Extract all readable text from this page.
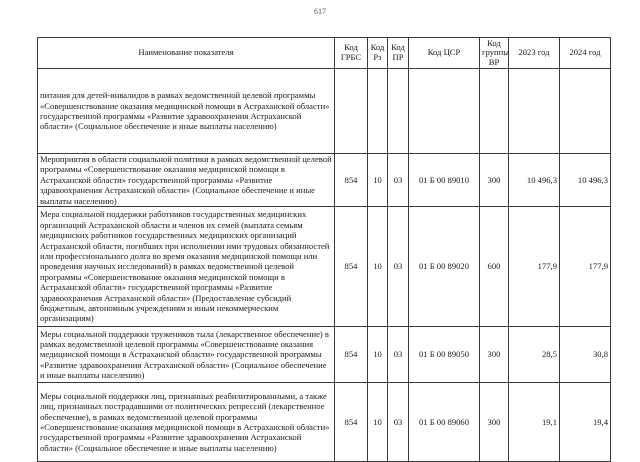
617
Наименование показателя	Код ГРБС	Код Рз	Код ПР	Код ЦСР	Код группы ВР	2023 год	2024 год
питания для детей-инвалидов в рамках ведомственной целевой программы «Совершенствование оказания медицинской помощи в Астраханской области» государственной программы «Развитие здравоохранения Астраханской области» (Социальное обеспечение и иные выплаты населению)							
Мероприятия в области социальной политики в рамках ведомственной целевой программы «Совершенствование оказания медицинской помощи в Астраханской области» государственной программы «Развитие здравоохранения Астраханской области» (Социальное обеспечение и иные выплаты населению)	854	10	03	01 Б 00 89010	300	10 496,3	10 496,3
Мера социальной поддержки работников государственных медицинских организаций Астраханской области и членов их семей (выплата семьям медицинских работников государственных медицинских организаций Астраханской области, погибших при исполнении ими трудовых обязанностей или профессионального долга во время оказания медицинской помощи или проведения научных исследований) в рамках ведомственной целевой программы «Совершенствование оказания медицинской помощи в Астраханской области» государственной программы «Развитие здравоохранения Астраханской области» (Предоставление субсидий бюджетным, автономным учреждениям и иным некоммерческим организациям)	854	10	03	01 Б 00 89020	600	177,9	177,9
Меры социальной поддержки тружеников тыла (лекарственное обеспечение) в рамках ведомственной целевой программы «Совершенствование оказания медицинской помощи в Астраханской области» государственной программы «Развитие здравоохранения Астраханской области» (Социальное обеспечение и иные выплаты населению)	854	10	03	01 Б 00 89050	300	28,5	30,8
Меры социальной поддержки лиц, признанных реабилитированными, а также лиц, признанных пострадавшими от политических репрессий (лекарственное обеспечение), в рамках ведомственной целевой программы «Совершенствование оказания медицинской помощи в Астраханской области» государственной программы «Развитие здравоохранения Астраханской области» (Социальное обеспечение и иные выплаты населению)	854	10	03	01 Б 00 89060	300	19,1	19,4
